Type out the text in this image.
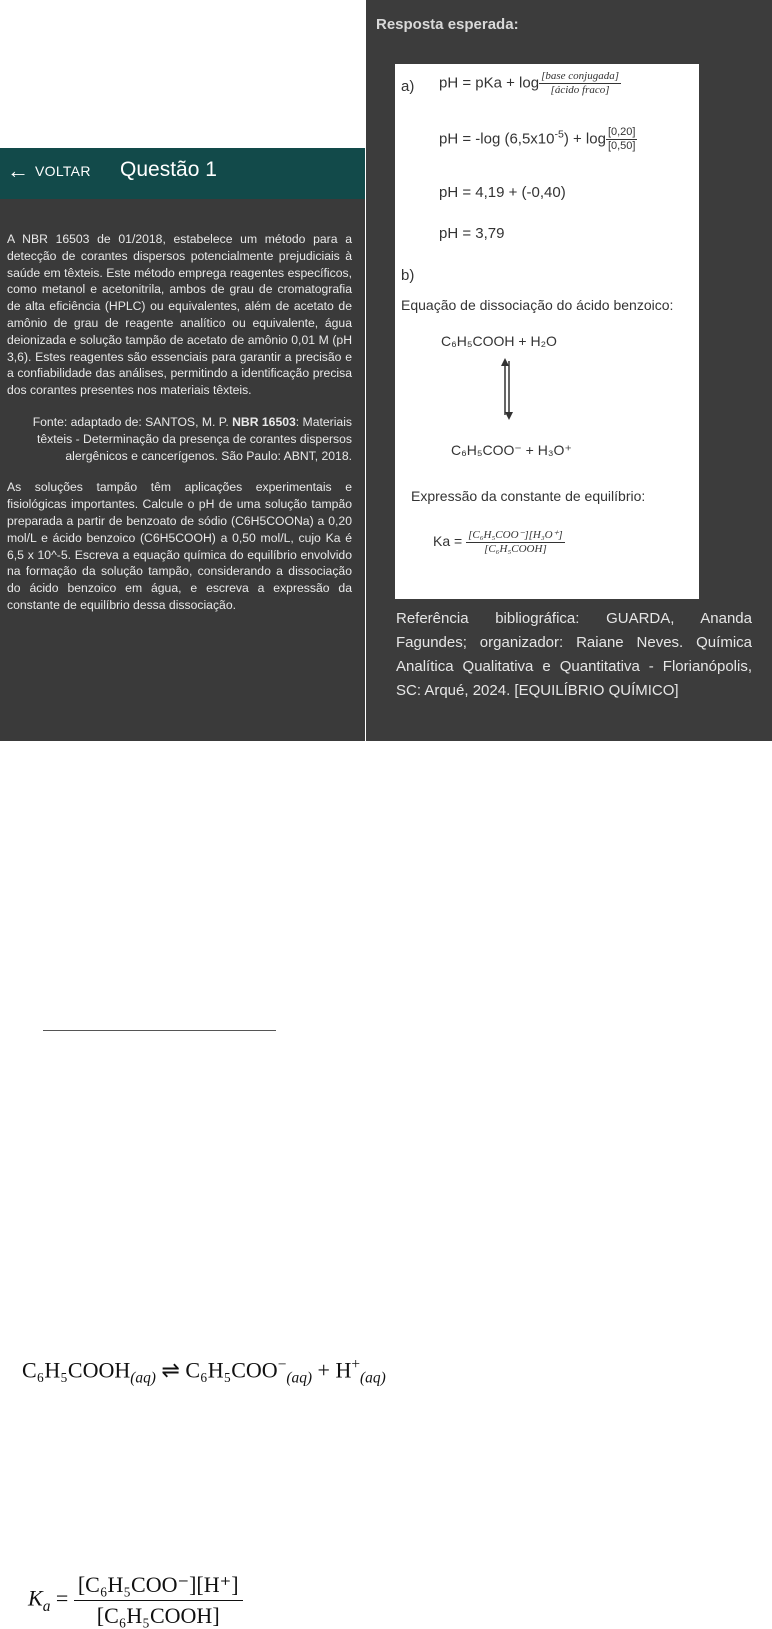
← VOLTAR Questão 1

A NBR 16503 de 01/2018, estabelece um método para a detecção de corantes dispersos potencialmente prejudiciais à saúde em têxteis. Este método emprega reagentes específicos, como metanol e acetonitrila, ambos de grau de cromatografia de alta eficiência (HPLC) ou equivalentes, além de acetato de amônio de grau de reagente analítico ou equivalente, água deionizada e solução tampão de acetato de amônio 0,01 M (pH 3,6). Estes reagentes são essenciais para garantir a precisão e a confiabilidade das análises, permitindo a identificação precisa dos corantes presentes nos materiais têxteis.

Fonte: adaptado de: SANTOS, M. P. NBR 16503: Materiais têxteis - Determinação da presença de corantes dispersos alergênicos e cancerígenos. São Paulo: ABNT, 2018.

As soluções tampão têm aplicações experimentais e fisiológicas importantes. Calcule o pH de uma solução tampão preparada a partir de benzoato de sódio (C6H5COONa) a 0,20 mol/L e ácido benzoico (C6H5COOH) a 0,50 mol/L, cujo Ka é 6,5 x 10^-5. Escreva a equação química do equilíbrio envolvido na formação da solução tampão, considerando a dissociação do ácido benzoico em água, e escreva a expressão da constante de equilíbrio dessa dissociação.

Resposta esperada:
a) pH = pKa + $\log \frac{\text{[base conjugada]}}{\text{[ácido fraco]}}$
pH = -log $(6,5x10^{-5}) + \log \frac{[0,20]}{[0,50]}$
pH = 4,19 + (-0,40)
pH = 3,79
b)
Equação de dissociação do ácido benzoico:
C₆H₅COOH + H₂O
C₆H₅COO⁻ + H₃O⁺
Expressão da constante de equilíbrio:
$Ka = \frac{\text{[C₆H₅COO⁻][H₃O⁺]}}{\text{[C₆H₅COOH]}}$
Referência bibliográfica: GUARDA, Ananda Fagundes; organizador: Raiane Neves. Química Analítica Qualitativa e Quantitativa - Florianópolis, SC: Arqué, 2024. [EQUILÍBRIO QUÍMICO]
$C_6H_5COOH_{(aq)}$ ⇌ $C_6H_5COO^-_{(aq)} + H^+_{(aq)}$
$K_a = \frac{\text{[C₆H₅COO⁻][H⁺]}}{\text{[C₆H₅COOH]}}$
